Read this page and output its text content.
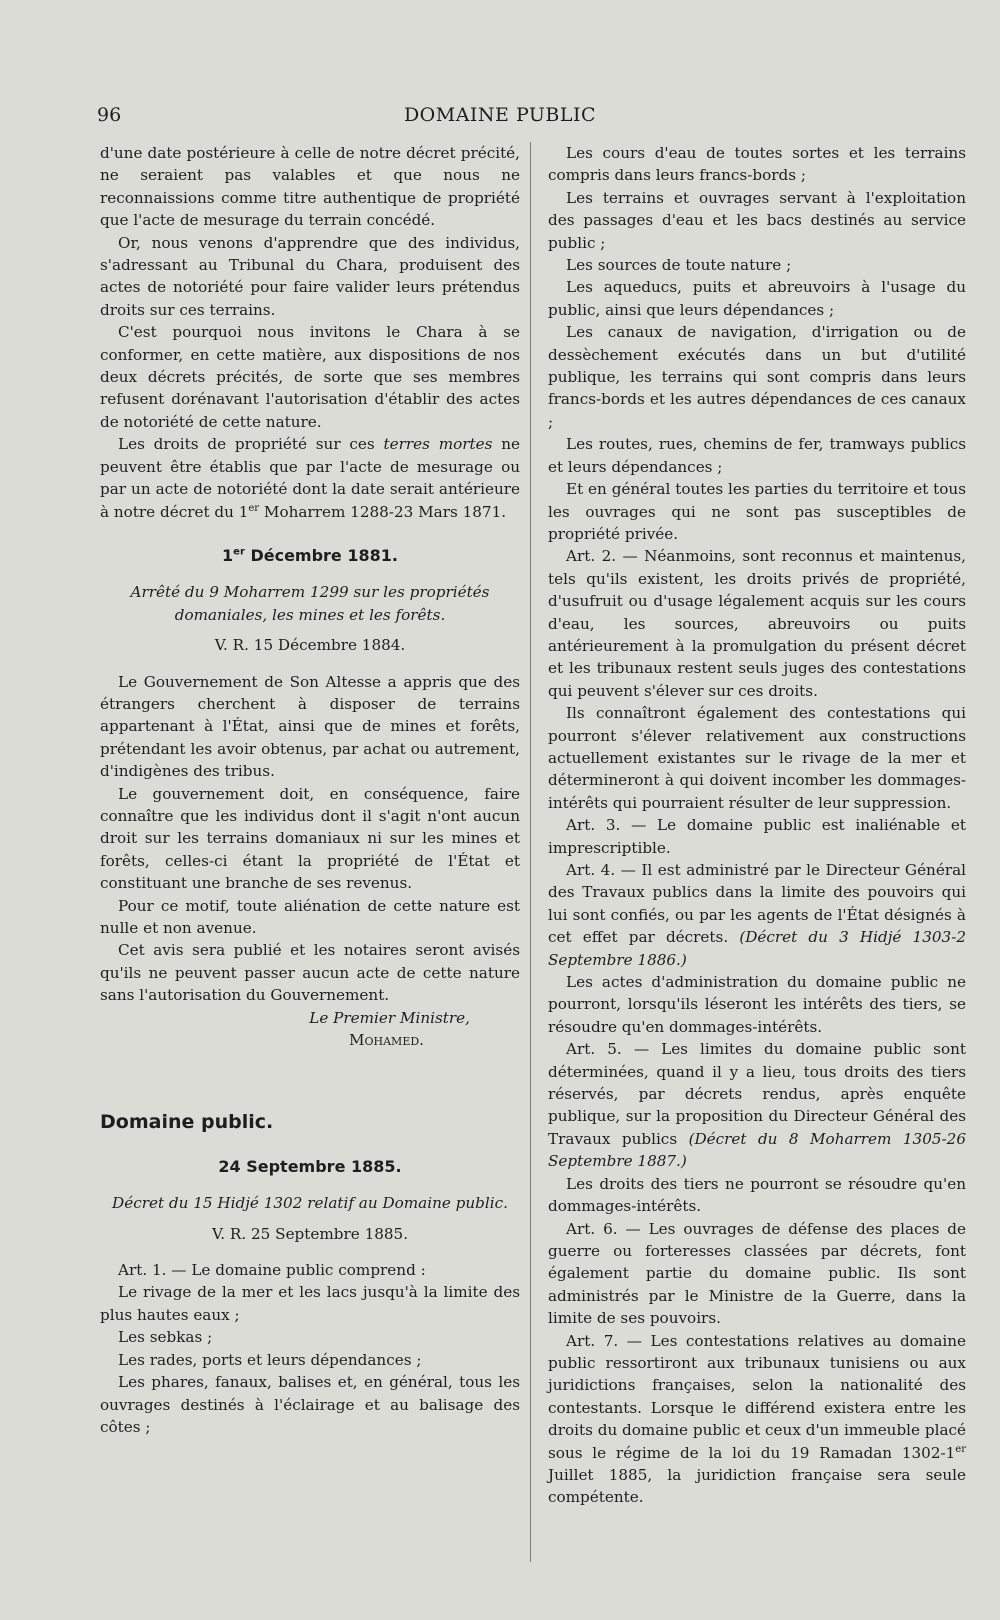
96	DOMAINE PUBLIC

d'une date postérieure à celle de notre décret précité, ne seraient pas valables et que nous ne reconnaissions comme titre authentique de propriété que l'acte de mesurage du terrain concédé.

Or, nous venons d'apprendre que des individus, s'adressant au Tribunal du Chara, produisent des actes de notoriété pour faire valider leurs prétendus droits sur ces terrains.

C'est pourquoi nous invitons le Chara à se conformer, en cette matière, aux dispositions de nos deux décrets précités, de sorte que ses membres refusent dorénavant l'autorisation d'établir des actes de notoriété de cette nature.

Les droits de propriété sur ces terres mortes ne peuvent être établis que par l'acte de mesurage ou par un acte de notoriété dont la date serait antérieure à notre décret du 1er Moharrem 1288-23 Mars 1871.

1er Décembre 1881.

Arrêté du 9 Moharrem 1299 sur les propriétés domaniales, les mines et les forêts.

V. R. 15 Décembre 1884.

Le Gouvernement de Son Altesse a appris que des étrangers cherchent à disposer de terrains appartenant à l'État, ainsi que de mines et forêts, prétendant les avoir obtenus, par achat ou autrement, d'indigènes des tribus.

Le gouvernement doit, en conséquence, faire connaître que les individus dont il s'agit n'ont aucun droit sur les terrains domaniaux ni sur les mines et forêts, celles-ci étant la propriété de l'État et constituant une branche de ses revenus.

Pour ce motif, toute aliénation de cette nature est nulle et non avenue.

Cet avis sera publié et les notaires seront avisés qu'ils ne peuvent passer aucun acte de cette nature sans l'autorisation du Gouvernement.

Le Premier Ministre,

Mohamed.

Domaine public.

24 Septembre 1885.

Décret du 15 Hidjé 1302 relatif au Domaine public.

V. R. 25 Septembre 1885.

Art. 1. — Le domaine public comprend :

Le rivage de la mer et les lacs jusqu'à la limite des plus hautes eaux ;

Les sebkas ;

Les rades, ports et leurs dépendances ;

Les phares, fanaux, balises et, en général, tous les ouvrages destinés à l'éclairage et au balisage des côtes ;

Les cours d'eau de toutes sortes et les terrains compris dans leurs francs-bords ;

Les terrains et ouvrages servant à l'exploitation des passages d'eau et les bacs destinés au service public ;

Les sources de toute nature ;

Les aqueducs, puits et abreuvoirs à l'usage du public, ainsi que leurs dépendances ;

Les canaux de navigation, d'irrigation ou de dessèchement exécutés dans un but d'utilité publique, les terrains qui sont compris dans leurs francs-bords et les autres dépendances de ces canaux ;

Les routes, rues, chemins de fer, tramways publics et leurs dépendances ;

Et en général toutes les parties du territoire et tous les ouvrages qui ne sont pas susceptibles de propriété privée.

Art. 2. — Néanmoins, sont reconnus et maintenus, tels qu'ils existent, les droits privés de propriété, d'usufruit ou d'usage légalement acquis sur les cours d'eau, les sources, abreuvoirs ou puits antérieurement à la promulgation du présent décret et les tribunaux restent seuls juges des contestations qui peuvent s'élever sur ces droits.

Ils connaîtront également des contestations qui pourront s'élever relativement aux constructions actuellement existantes sur le rivage de la mer et détermineront à qui doivent incomber les dommages-intérêts qui pourraient résulter de leur suppression.

Art. 3. — Le domaine public est inaliénable et imprescriptible.

Art. 4. — Il est administré par le Directeur Général des Travaux publics dans la limite des pouvoirs qui lui sont confiés, ou par les agents de l'État désignés à cet effet par décrets. (Décret du 3 Hidjé 1303-2 Septembre 1886.)

Les actes d'administration du domaine public ne pourront, lorsqu'ils léseront les intérêts des tiers, se résoudre qu'en dommages-intérêts.

Art. 5. — Les limites du domaine public sont déterminées, quand il y a lieu, tous droits des tiers réservés, par décrets rendus, après enquête publique, sur la proposition du Directeur Général des Travaux publics (Décret du 8 Moharrem 1305-26 Septembre 1887.)

Les droits des tiers ne pourront se résoudre qu'en dommages-intérêts.

Art. 6. — Les ouvrages de défense des places de guerre ou forteresses classées par décrets, font également partie du domaine public. Ils sont administrés par le Ministre de la Guerre, dans la limite de ses pouvoirs.

Art. 7. — Les contestations relatives au domaine public ressortiront aux tribunaux tunisiens ou aux juridictions françaises, selon la nationalité des contestants. Lorsque le différend existera entre les droits du domaine public et ceux d'un immeuble placé sous le régime de la loi du 19 Ramadan 1302-1er Juillet 1885, la juridiction française sera seule compétente.
